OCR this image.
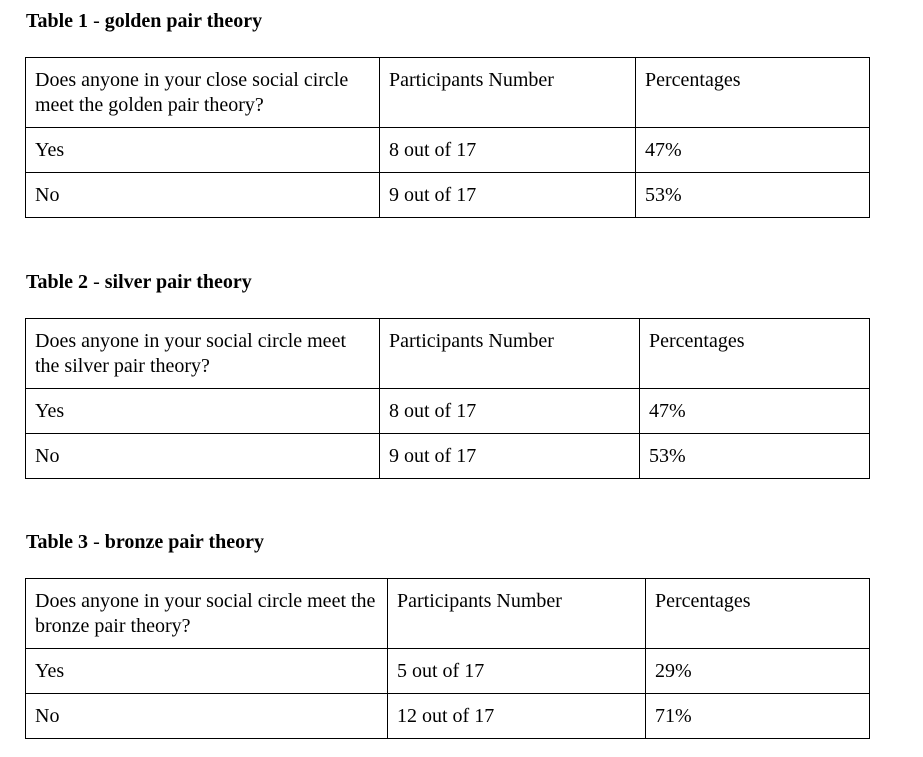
Table 1 - golden pair theory

Does anyone in your close social circle meet the golden pair theory?	Participants Number	Percentages
Yes	8 out of 17	47%
No	9 out of 17	53%

Table 2 - silver pair theory

Does anyone in your social circle meet the silver pair theory?	Participants Number	Percentages
Yes	8 out of 17	47%
No	9 out of 17	53%

Table 3 - bronze pair theory

Does anyone in your social circle meet the bronze pair theory?	Participants Number	Percentages
Yes	5 out of 17	29%
No	12 out of 17	71%
